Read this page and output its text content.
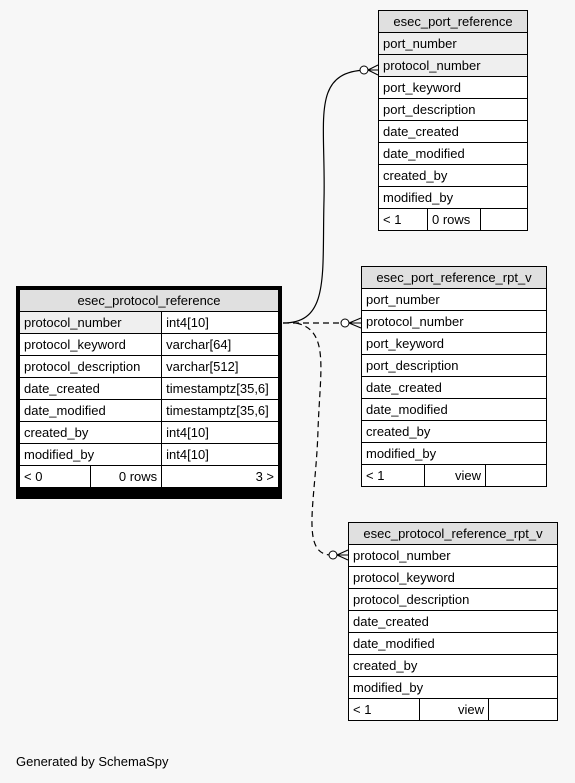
esec_port_reference
port_number
protocol_number
port_keyword
port_description
date_created
date_modified
created_by
modified_by
< 1	0 rows	
esec_port_reference_rpt_v
port_number
protocol_number
port_keyword
port_description
date_created
date_modified
created_by
modified_by
< 1	view	
esec_protocol_reference		
protocol_number		int4[10]
protocol_keyword		varchar[64]
protocol_description		varchar[512]
date_created		timestamptz[35,6]
date_modified		timestamptz[35,6]
created_by		int4[10]
modified_by		int4[10]
< 0	0 rows	3 >
esec_protocol_reference_rpt_v
protocol_number
protocol_keyword
protocol_description
date_created
date_modified
created_by
modified_by
< 1	view	
Generated by SchemaSpy
